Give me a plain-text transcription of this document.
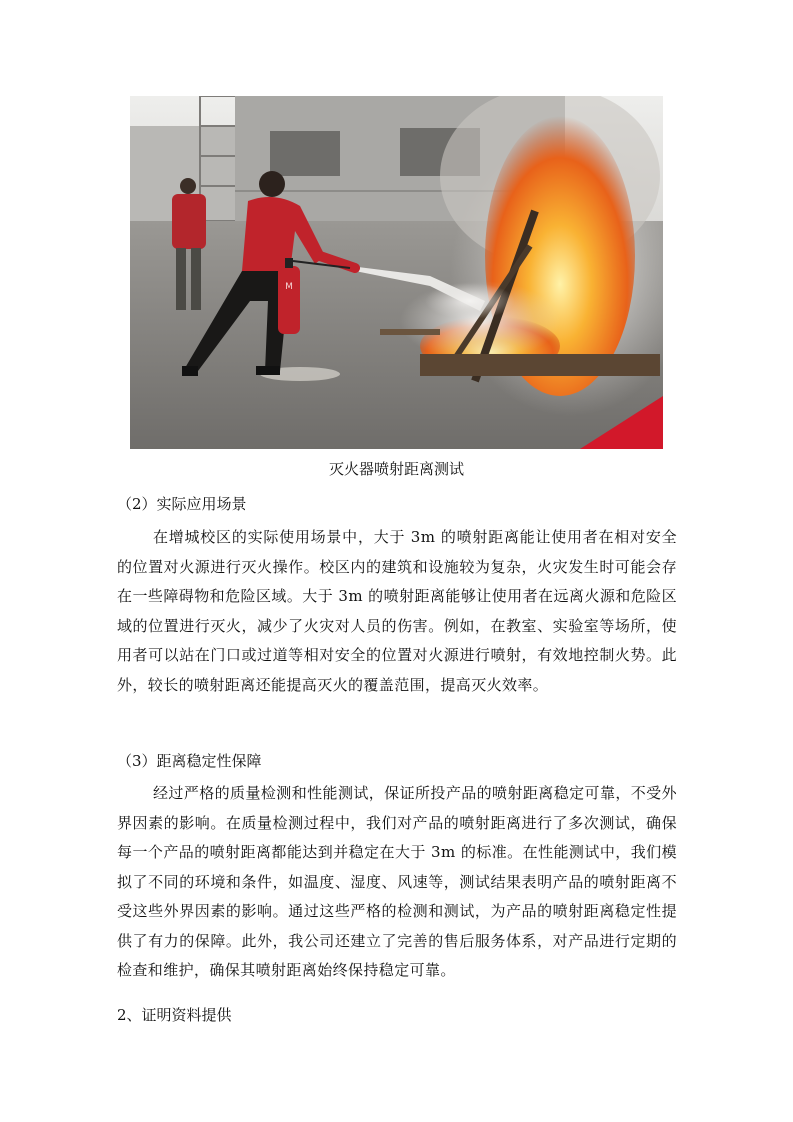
M
灭火器喷射距离测试
（2）实际应用场景
在增城校区的实际使用场景中，大于 3m 的喷射距离能让使用者在相对安全的位置对火源进行灭火操作。校区内的建筑和设施较为复杂，火灾发生时可能会存在一些障碍物和危险区域。大于 3m 的喷射距离能够让使用者在远离火源和危险区域的位置进行灭火，减少了火灾对人员的伤害。例如，在教室、实验室等场所，使用者可以站在门口或过道等相对安全的位置对火源进行喷射，有效地控制火势。此外，较长的喷射距离还能提高灭火的覆盖范围，提高灭火效率。
（3）距离稳定性保障
经过严格的质量检测和性能测试，保证所投产品的喷射距离稳定可靠，不受外界因素的影响。在质量检测过程中，我们对产品的喷射距离进行了多次测试，确保每一个产品的喷射距离都能达到并稳定在大于 3m 的标准。在性能测试中，我们模拟了不同的环境和条件，如温度、湿度、风速等，测试结果表明产品的喷射距离不受这些外界因素的影响。通过这些严格的检测和测试，为产品的喷射距离稳定性提供了有力的保障。此外，我公司还建立了完善的售后服务体系，对产品进行定期的检查和维护，确保其喷射距离始终保持稳定可靠。
2、证明资料提供
